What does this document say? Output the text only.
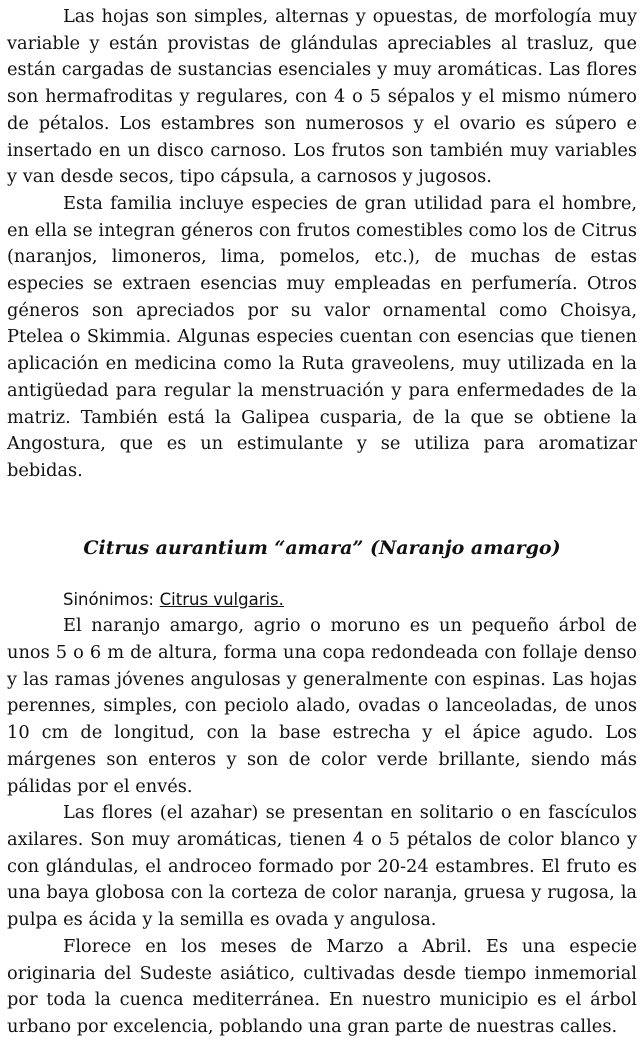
Las hojas son simples, alternas y opuestas, de morfología muy variable y están provistas de glándulas apreciables al trasluz, que están cargadas de sustancias esenciales y muy aromáticas. Las flores son hermafroditas y regulares, con 4 o 5 sépalos y el mismo número de pétalos. Los estambres son numerosos y el ovario es súpero e insertado en un disco carnoso. Los frutos son también muy variables y van desde secos, tipo cápsula, a carnosos y jugosos.

Esta familia incluye especies de gran utilidad para el hombre, en ella se integran géneros con frutos comestibles como los de Citrus (naranjos, limoneros, lima, pomelos, etc.), de muchas de estas especies se extraen esencias muy empleadas en perfumería. Otros géneros son apreciados por su valor ornamental como Choisya, Ptelea o Skimmia. Algunas especies cuentan con esencias que tienen aplicación en medicina como la Ruta graveolens, muy utilizada en la antigüedad para regular la menstruación y para enfermedades de la matriz. También está la Galipea cusparia, de la que se obtiene la Angostura, que es un estimulante y se utiliza para aromatizar bebidas.

Citrus aurantium “amara” (Naranjo amargo)

Sinónimos: Citrus vulgaris.

El naranjo amargo, agrio o moruno es un pequeño árbol de unos 5 o 6 m de altura, forma una copa redondeada con follaje denso y las ramas jóvenes angulosas y generalmente con espinas. Las hojas perennes, simples, con peciolo alado, ovadas o lanceoladas, de unos 10 cm de longitud, con la base estrecha y el ápice agudo. Los márgenes son enteros y son de color verde brillante, siendo más pálidas por el envés.

Las flores (el azahar) se presentan en solitario o en fascículos axilares. Son muy aromáticas, tienen 4 o 5 pétalos de color blanco y con glándulas, el androceo formado por 20-24 estambres. El fruto es una baya globosa con la corteza de color naranja, gruesa y rugosa, la pulpa es ácida y la semilla es ovada y angulosa.

Florece en los meses de Marzo a Abril. Es una especie originaria del Sudeste asiático, cultivadas desde tiempo inmemorial por toda la cuenca mediterránea. En nuestro municipio es el árbol urbano por excelencia, poblando una gran parte de nuestras calles.
